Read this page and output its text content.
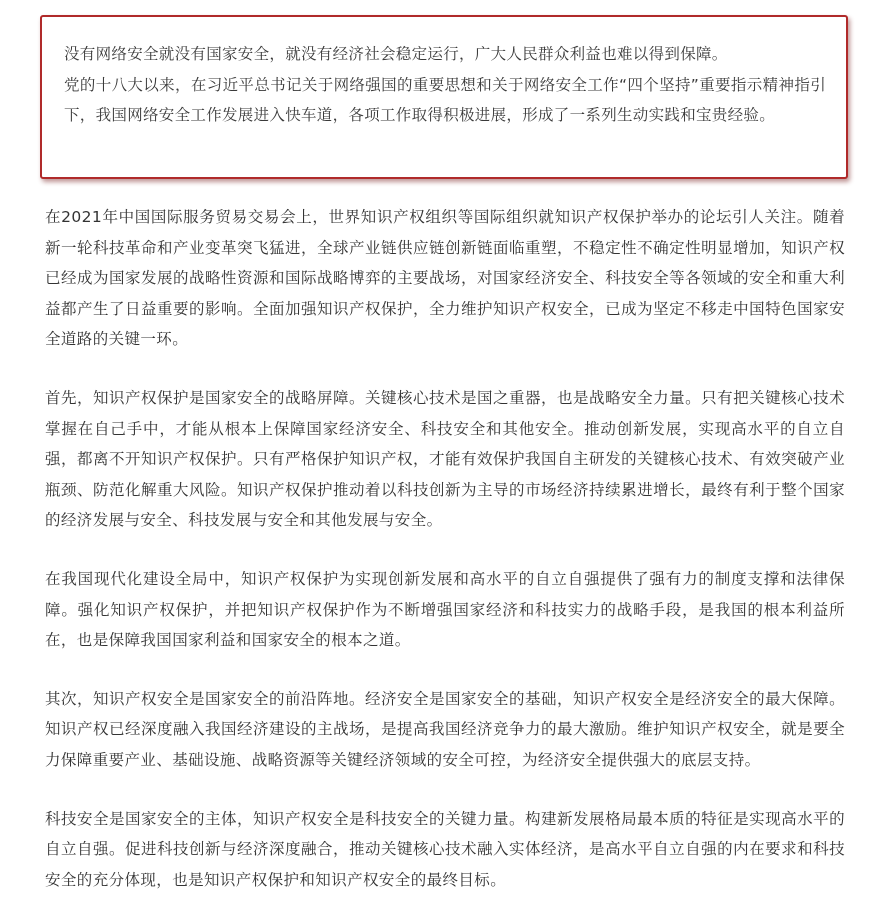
没有网络安全就没有国家安全，就没有经济社会稳定运行，广大人民群众利益也难以得到保障。

党的十八大以来，在习近平总书记关于网络强国的重要思想和关于网络安全工作“四个坚持”重要指示精神指引下，我国网络安全工作发展进入快车道，各项工作取得积极进展，形成了一系列生动实践和宝贵经验。

在2021年中国国际服务贸易交易会上，世界知识产权组织等国际组织就知识产权保护举办的论坛引人关注。随着新一轮科技革命和产业变革突飞猛进，全球产业链供应链创新链面临重塑，不稳定性不确定性明显增加，知识产权已经成为国家发展的战略性资源和国际战略博弈的主要战场，对国家经济安全、科技安全等各领域的安全和重大利益都产生了日益重要的影响。全面加强知识产权保护，全力维护知识产权安全，已成为坚定不移走中国特色国家安全道路的关键一环。

首先，知识产权保护是国家安全的战略屏障。关键核心技术是国之重器，也是战略安全力量。只有把关键核心技术掌握在自己手中，才能从根本上保障国家经济安全、科技安全和其他安全。推动创新发展，实现高水平的自立自强，都离不开知识产权保护。只有严格保护知识产权，才能有效保护我国自主研发的关键核心技术、有效突破产业瓶颈、防范化解重大风险。知识产权保护推动着以科技创新为主导的市场经济持续累进增长，最终有利于整个国家的经济发展与安全、科技发展与安全和其他发展与安全。

在我国现代化建设全局中，知识产权保护为实现创新发展和高水平的自立自强提供了强有力的制度支撑和法律保障。强化知识产权保护，并把知识产权保护作为不断增强国家经济和科技实力的战略手段，是我国的根本利益所在，也是保障我国国家利益和国家安全的根本之道。

其次，知识产权安全是国家安全的前沿阵地。经济安全是国家安全的基础，知识产权安全是经济安全的最大保障。知识产权已经深度融入我国经济建设的主战场，是提高我国经济竞争力的最大激励。维护知识产权安全，就是要全力保障重要产业、基础设施、战略资源等关键经济领域的安全可控，为经济安全提供强大的底层支持。

科技安全是国家安全的主体，知识产权安全是科技安全的关键力量。构建新发展格局最本质的特征是实现高水平的自立自强。促进科技创新与经济深度融合，推动关键核心技术融入实体经济，是高水平自立自强的内在要求和科技安全的充分体现，也是知识产权保护和知识产权安全的最终目标。
